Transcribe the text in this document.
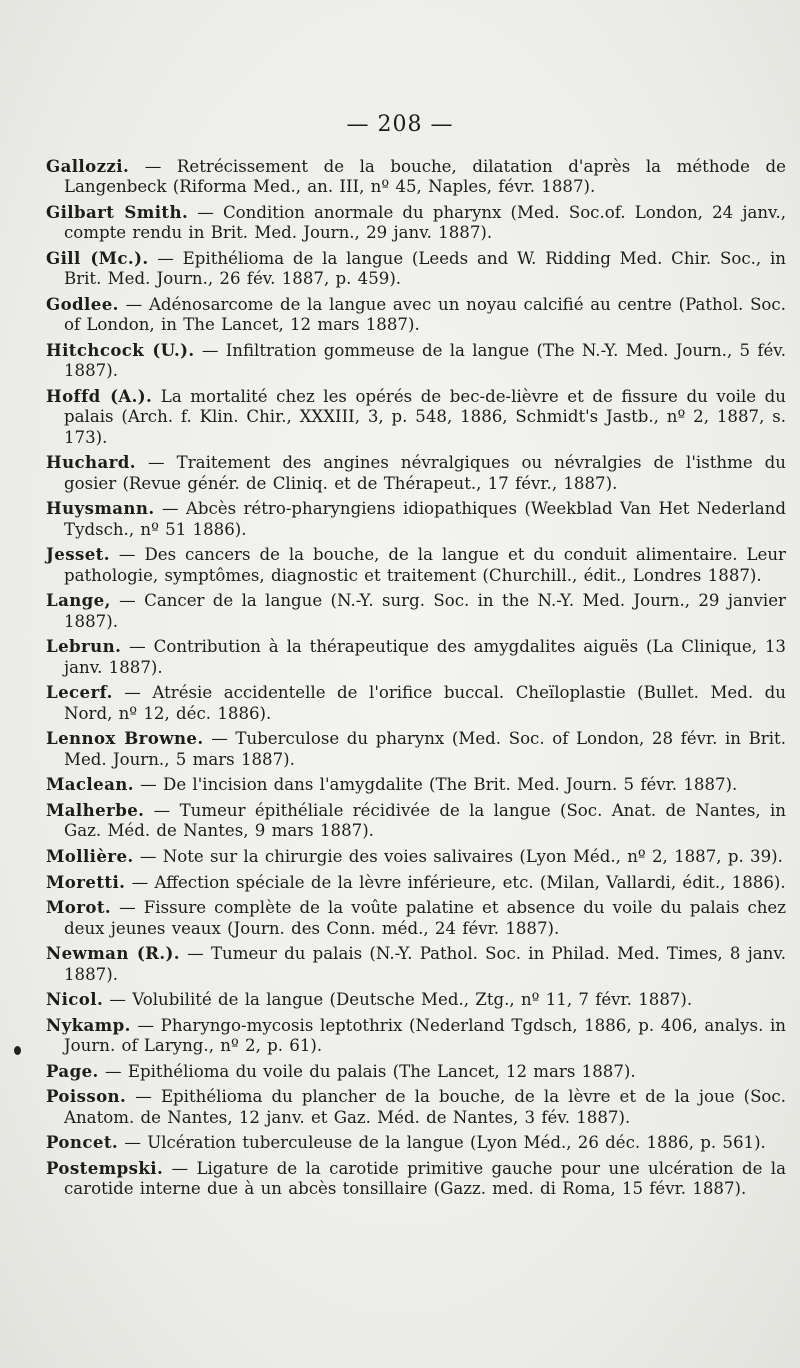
— 208 —

Gallozzi. — Retrécissement de la bouche, dilatation d'après la méthode de Langenbeck (Riforma Med., an. III, nº 45, Naples, févr. 1887).

Gilbart Smith. — Condition anormale du pharynx (Med. Soc.of. London, 24 janv., compte rendu in Brit. Med. Journ., 29 janv. 1887).

Gill (Mc.). — Epithélioma de la langue (Leeds and W. Ridding Med. Chir. Soc., in Brit. Med. Journ., 26 fév. 1887, p. 459).

Godlee. — Adénosarcome de la langue avec un noyau calcifié au centre (Pathol. Soc. of London, in The Lancet, 12 mars 1887).

Hitchcock (U.). — Infiltration gommeuse de la langue (The N.-Y. Med. Journ., 5 fév. 1887).

Hoffd (A.). La mortalité chez les opérés de bec-de-lièvre et de fissure du voile du palais (Arch. f. Klin. Chir., XXXIII, 3, p. 548, 1886, Schmidt's Jastb., nº 2, 1887, s. 173).

Huchard. — Traitement des angines névralgiques ou névralgies de l'isthme du gosier (Revue génér. de Cliniq. et de Thérapeut., 17 févr., 1887).

Huysmann. — Abcès rétro-pharyngiens idiopathiques (Weekblad Van Het Nederland Tydsch., nº 51 1886).

Jesset. — Des cancers de la bouche, de la langue et du conduit alimentaire. Leur pathologie, symptômes, diagnostic et traitement (Churchill., édit., Londres 1887).

Lange, — Cancer de la langue (N.-Y. surg. Soc. in the N.-Y. Med. Journ., 29 janvier 1887).

Lebrun. — Contribution à la thérapeutique des amygdalites aiguës (La Clinique, 13 janv. 1887).

Lecerf. — Atrésie accidentelle de l'orifice buccal. Cheïloplastie (Bullet. Med. du Nord, nº 12, déc. 1886).

Lennox Browne. — Tuberculose du pharynx (Med. Soc. of London, 28 févr. in Brit. Med. Journ., 5 mars 1887).

Maclean. — De l'incision dans l'amygdalite (The Brit. Med. Journ. 5 févr. 1887).

Malherbe. — Tumeur épithéliale récidivée de la langue (Soc. Anat. de Nantes, in Gaz. Méd. de Nantes, 9 mars 1887).

Mollière. — Note sur la chirurgie des voies salivaires (Lyon Méd., nº 2, 1887, p. 39).

Moretti. — Affection spéciale de la lèvre inférieure, etc. (Milan, Vallardi, édit., 1886).

Morot. — Fissure complète de la voûte palatine et absence du voile du palais chez deux jeunes veaux (Journ. des Conn. méd., 24 févr. 1887).

Newman (R.). — Tumeur du palais (N.-Y. Pathol. Soc. in Philad. Med. Times, 8 janv. 1887).

Nicol. — Volubilité de la langue (Deutsche Med., Ztg., nº 11, 7 févr. 1887).

Nykamp. — Pharyngo-mycosis leptothrix (Nederland Tgdsch, 1886, p. 406, analys. in Journ. of Laryng., nº 2, p. 61).

Page. — Epithélioma du voile du palais (The Lancet, 12 mars 1887).

Poisson. — Epithélioma du plancher de la bouche, de la lèvre et de la joue (Soc. Anatom. de Nantes, 12 janv. et Gaz. Méd. de Nantes, 3 fév. 1887).

Poncet. — Ulcération tuberculeuse de la langue (Lyon Méd., 26 déc. 1886, p. 561).

Postempski. — Ligature de la carotide primitive gauche pour une ulcération de la carotide interne due à un abcès tonsillaire (Gazz. med. di Roma, 15 févr. 1887).
